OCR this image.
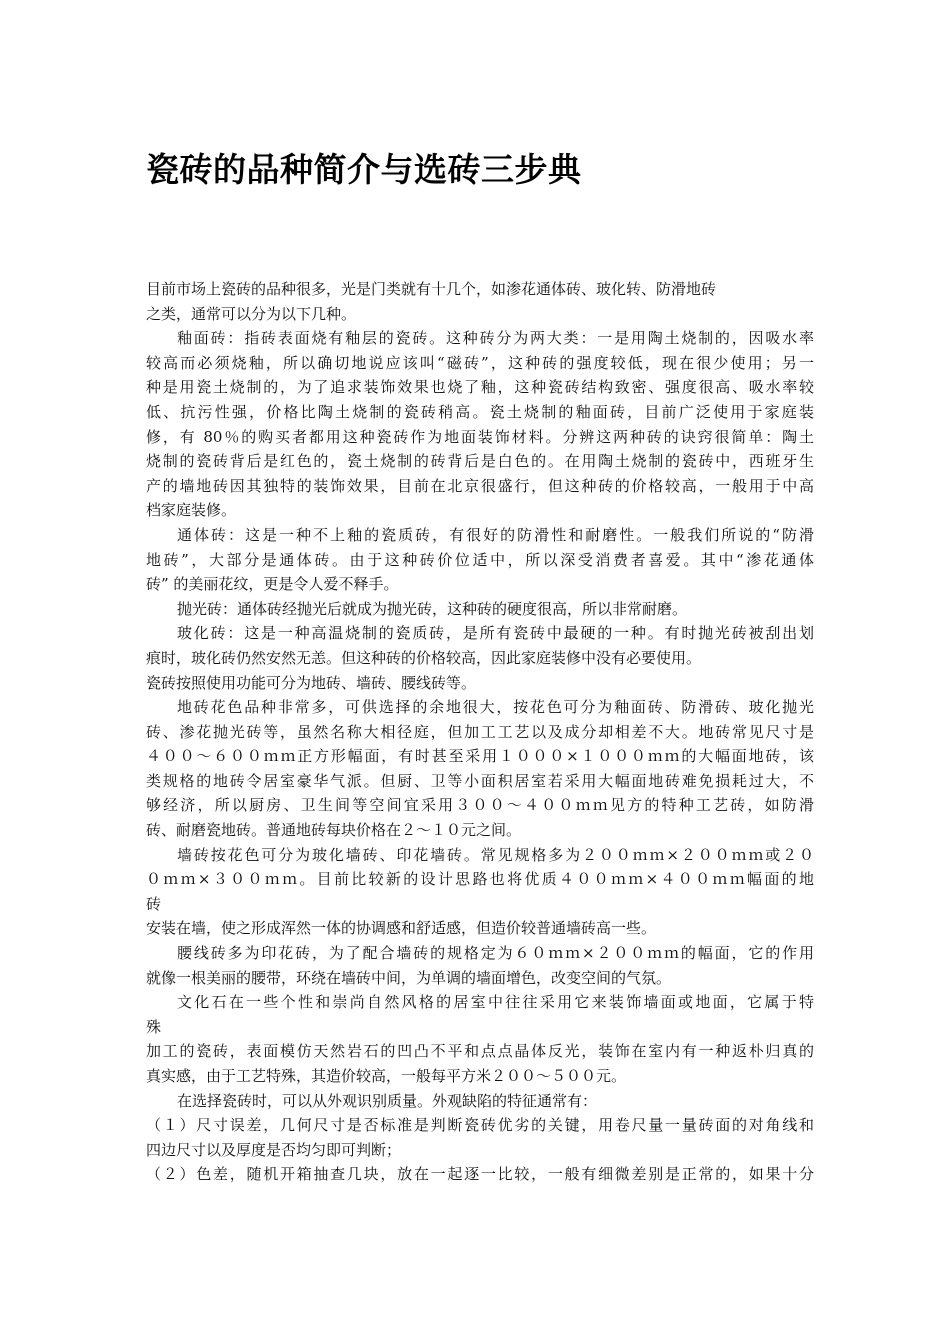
瓷砖的品种简介与选砖三步典
目前市场上瓷砖的品种很多，光是门类就有十几个，如渗花通体砖、玻化转、防滑地砖
之类，通常可以分为以下几种。
釉面砖：指砖表面烧有釉层的瓷砖。这种砖分为两大类：一是用陶土烧制的，因吸水率
较高而必须烧釉，所以确切地说应该叫“磁砖”，这种砖的强度较低，现在很少使用；另一
种是用瓷土烧制的，为了追求装饰效果也烧了釉，这种瓷砖结构致密、强度很高、吸水率较
低、抗污性强，价格比陶土烧制的瓷砖稍高。瓷土烧制的釉面砖，目前广泛使用于家庭装
修，有 80％的购买者都用这种瓷砖作为地面装饰材料。分辨这两种砖的诀窍很简单：陶土
烧制的瓷砖背后是红色的，瓷土烧制的砖背后是白色的。在用陶土烧制的瓷砖中，西班牙生
产的墙地砖因其独特的装饰效果，目前在北京很盛行，但这种砖的价格较高，一般用于中高
档家庭装修。
通体砖：这是一种不上釉的瓷质砖，有很好的防滑性和耐磨性。一般我们所说的“防滑
地砖”，大部分是通体砖。由于这种砖价位适中，所以深受消费者喜爱。其中“渗花通体
砖” 的美丽花纹，更是令人爱不释手。
抛光砖：通体砖经抛光后就成为抛光砖，这种砖的硬度很高，所以非常耐磨。
玻化砖：这是一种高温烧制的瓷质砖，是所有瓷砖中最硬的一种。有时抛光砖被刮出划
痕时，玻化砖仍然安然无恙。但这种砖的价格较高，因此家庭装修中没有必要使用。
瓷砖按照使用功能可分为地砖、墙砖、腰线砖等。
地砖花色品种非常多，可供选择的余地很大，按花色可分为釉面砖、防滑砖、玻化抛光
砖、渗花抛光砖等，虽然名称大相径庭，但加工工艺以及成分却相差不大。地砖常见尺寸是
４００～６００ｍｍ正方形幅面，有时甚至采用１０００×１０００ｍｍ的大幅面地砖，该
类规格的地砖令居室豪华气派。但厨、卫等小面积居室若采用大幅面地砖难免损耗过大，不
够经济，所以厨房、卫生间等空间宜采用３００～４００ｍｍ见方的特种工艺砖，如防滑
砖、耐磨瓷地砖。普通地砖每块价格在２～１０元之间。
墙砖按花色可分为玻化墙砖、印花墙砖。常见规格多为２００ｍｍ×２００ｍｍ或２０
０ｍｍ×３００ｍｍ。目前比较新的设计思路也将优质４００ｍｍ×４００ｍｍ幅面的地
砖
安装在墙，使之形成浑然一体的协调感和舒适感，但造价较普通墙砖高一些。
腰线砖多为印花砖，为了配合墙砖的规格定为６０ｍｍ×２００ｍｍ的幅面，它的作用
就像一根美丽的腰带，环绕在墙砖中间，为单调的墙面增色，改变空间的气氛。
文化石在一些个性和崇尚自然风格的居室中往往采用它来装饰墙面或地面，它属于特
殊
加工的瓷砖，表面模仿天然岩石的凹凸不平和点点晶体反光，装饰在室内有一种返朴归真的
真实感，由于工艺特殊，其造价较高，一般每平方米２００～５００元。
在选择瓷砖时，可以从外观识别质量。外观缺陷的特征通常有：
（１）尺寸误差，几何尺寸是否标准是判断瓷砖优劣的关键，用卷尺量一量砖面的对角线和
四边尺寸以及厚度是否均匀即可判断；
（２）色差，随机开箱抽查几块，放在一起逐一比较，一般有细微差别是正常的，如果十分
